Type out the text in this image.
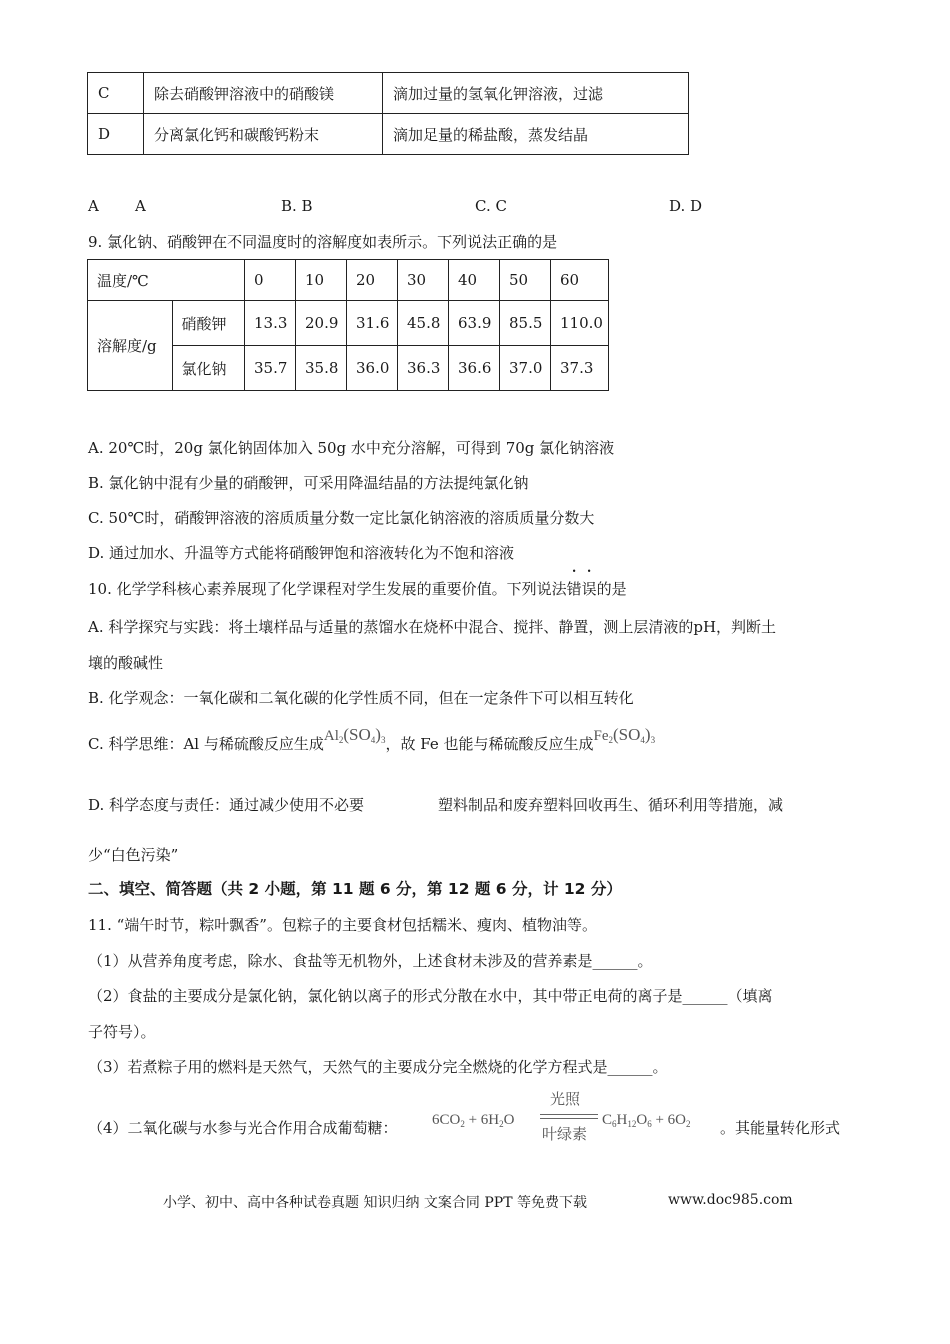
C	除去硝酸钾溶液中的硝酸镁	滴加过量的氢氧化钾溶液，过滤
D	分离氯化钙和碳酸钙粉末	滴加足量的稀盐酸，蒸发结晶
A A	B. B	C. C	D. D
9. 氯化钠、硝酸钾在不同温度时的溶解度如表所示。下列说法正确的是
温度/℃		0	10	20	30	40	50	60
溶解度/g	硝酸钾	13.3	20.9	31.6	45.8	63.9	85.5	110.0
	氯化钠	35.7	35.8	36.0	36.3	36.6	37.0	37.3
A. 20℃时，20g 氯化钠固体加入 50g 水中充分溶解，可得到 70g 氯化钠溶液
B. 氯化钠中混有少量的硝酸钾，可采用降温结晶的方法提纯氯化钠
C. 50℃时，硝酸钾溶液的溶质质量分数一定比氯化钠溶液的溶质质量分数大
D. 通过加水、升温等方式能将硝酸钾饱和溶液转化为不饱和溶液
10. 化学学科核心素养展现了化学课程对学生发展的重要价值。下列说法错误的是
A. 科学探究与实践：将土壤样品与适量的蒸馏水在烧杯中混合、搅拌、静置，测上层清液的pH，判断土
壤的酸碱性
B. 化学观念：一氧化碳和二氧化碳的化学性质不同，但在一定条件下可以相互转化
C. 科学思维：Al 与稀硫酸反应生成$Al_2(SO_4)_3$，故 Fe 也能与稀硫酸反应生成$Fe_2(SO_4)_3$
D. 科学态度与责任：通过减少使用不必要	塑料制品和废弃塑料回收再生、循环利用等措施，减
少“白色污染”
二、填空、简答题（共 2 小题，第 11 题 6 分，第 12 题 6 分，计 12 分）
11. “端午时节，粽叶飘香”。包粽子的主要食材包括糯米、瘦肉、植物油等。
（1）从营养角度考虑，除水、食盐等无机物外，上述食材未涉及的营养素是______。
（2）食盐的主要成分是氯化钠，氯化钠以离子的形式分散在水中，其中带正电荷的离子是______（填离
子符号）。
（3）若煮粽子用的燃料是天然气，天然气的主要成分完全燃烧的化学方程式是______。
（4）二氧化碳与水参与光合作用合成葡萄糖： $6CO_2 + 6H_2O$
光照
叶绿素
$C_6H_{12}O_6 + 6O_2$ 。其能量转化形式
小学、初中、高中各种试卷真题 知识归纳 文案合同 PPT 等免费下载	www.doc985.com
